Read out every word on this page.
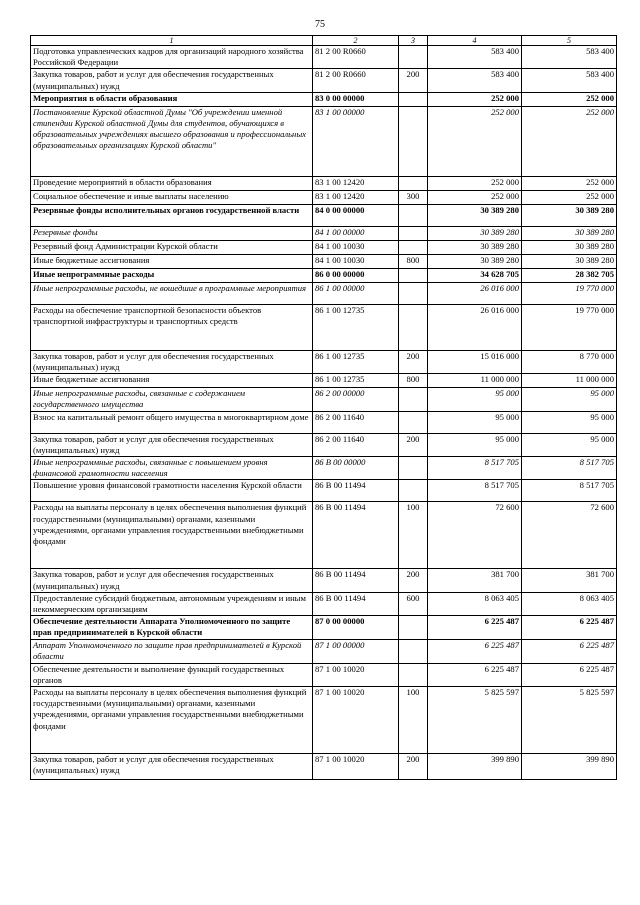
75
1	2	3	4	5
Подготовка управленческих кадров для организаций народного хозяйства Российской Федерации	81 2 00 R0660		583 400	583 400
Закупка товаров, работ и услуг для обеспечения государственных (муниципальных) нужд	81 2 00 R0660	200	583 400	583 400
Мероприятия в области образования	83 0 00 00000		252 000	252 000
Постановление Курской областной Думы "Об учреждении именной стипендии Курской областной Думы для студентов, обучающихся в образовательных учреждениях высшего образования и профессиональных образовательных организациях Курской области"	83 1 00 00000		252 000	252 000
Проведение мероприятий в области образования	83 1 00 12420		252 000	252 000
Социальное обеспечение и иные выплаты населению	83 1 00 12420	300	252 000	252 000
Резервные фонды исполнительных органов государственной власти	84 0 00 00000		30 389 280	30 389 280
Резервные фонды	84 1 00 00000		30 389 280	30 389 280
Резервный фонд Администрации Курской области	84 1 00 10030		30 389 280	30 389 280
Иные бюджетные ассигнования	84 1 00 10030	800	30 389 280	30 389 280
Иные непрограммные расходы	86 0 00 00000		34 628 705	28 382 705
Иные непрограммные расходы, не вошедшие в программные мероприятия	86 1 00 00000		26 016 000	19 770 000
Расходы на обеспечение транспортной безопасности объектов транспортной инфраструктуры и транспортных средств	86 1 00 12735		26 016 000	19 770 000
Закупка товаров, работ и услуг для обеспечения государственных (муниципальных) нужд	86 1 00 12735	200	15 016 000	8 770 000
Иные бюджетные ассигнования	86 1 00 12735	800	11 000 000	11 000 000
Иные непрограммные расходы, связанные с содержанием государственного имущества	86 2 00 00000		95 000	95 000
Взнос на капитальный ремонт общего имущества в многоквартирном доме	86 2 00 11640		95 000	95 000
Закупка товаров, работ и услуг для обеспечения государственных (муниципальных) нужд	86 2 00 11640	200	95 000	95 000
Иные непрограммные расходы, связанные с повышением уровня финансовой грамотности населения	86 В 00 00000		8 517 705	8 517 705
Повышение уровня финансовой грамотности населения Курской области	86 В 00 11494		8 517 705	8 517 705
Расходы на выплаты персоналу в целях обеспечения выполнения функций государственными (муниципальными) органами, казенными учреждениями, органами управления государственными внебюджетными фондами	86 В 00 11494	100	72 600	72 600
Закупка товаров, работ и услуг для обеспечения государственных (муниципальных) нужд	86 В 00 11494	200	381 700	381 700
Предоставление субсидий бюджетным, автономным учреждениям и иным некоммерческим организациям	86 В 00 11494	600	8 063 405	8 063 405
Обеспечение деятельности Аппарата Уполномоченного по защите прав предпринимателей в Курской области	87 0 00 00000		6 225 487	6 225 487
Аппарат Уполномоченного по защите прав предпринимателей в Курской области	87 1 00 00000		6 225 487	6 225 487
Обеспечение деятельности и выполнение функций государственных органов	87 1 00 10020		6 225 487	6 225 487
Расходы на выплаты персоналу в целях обеспечения выполнения функций государственными (муниципальными) органами, казенными учреждениями, органами управления государственными внебюджетными фондами	87 1 00 10020	100	5 825 597	5 825 597
Закупка товаров, работ и услуг для обеспечения государственных (муниципальных) нужд	87 1 00 10020	200	399 890	399 890
